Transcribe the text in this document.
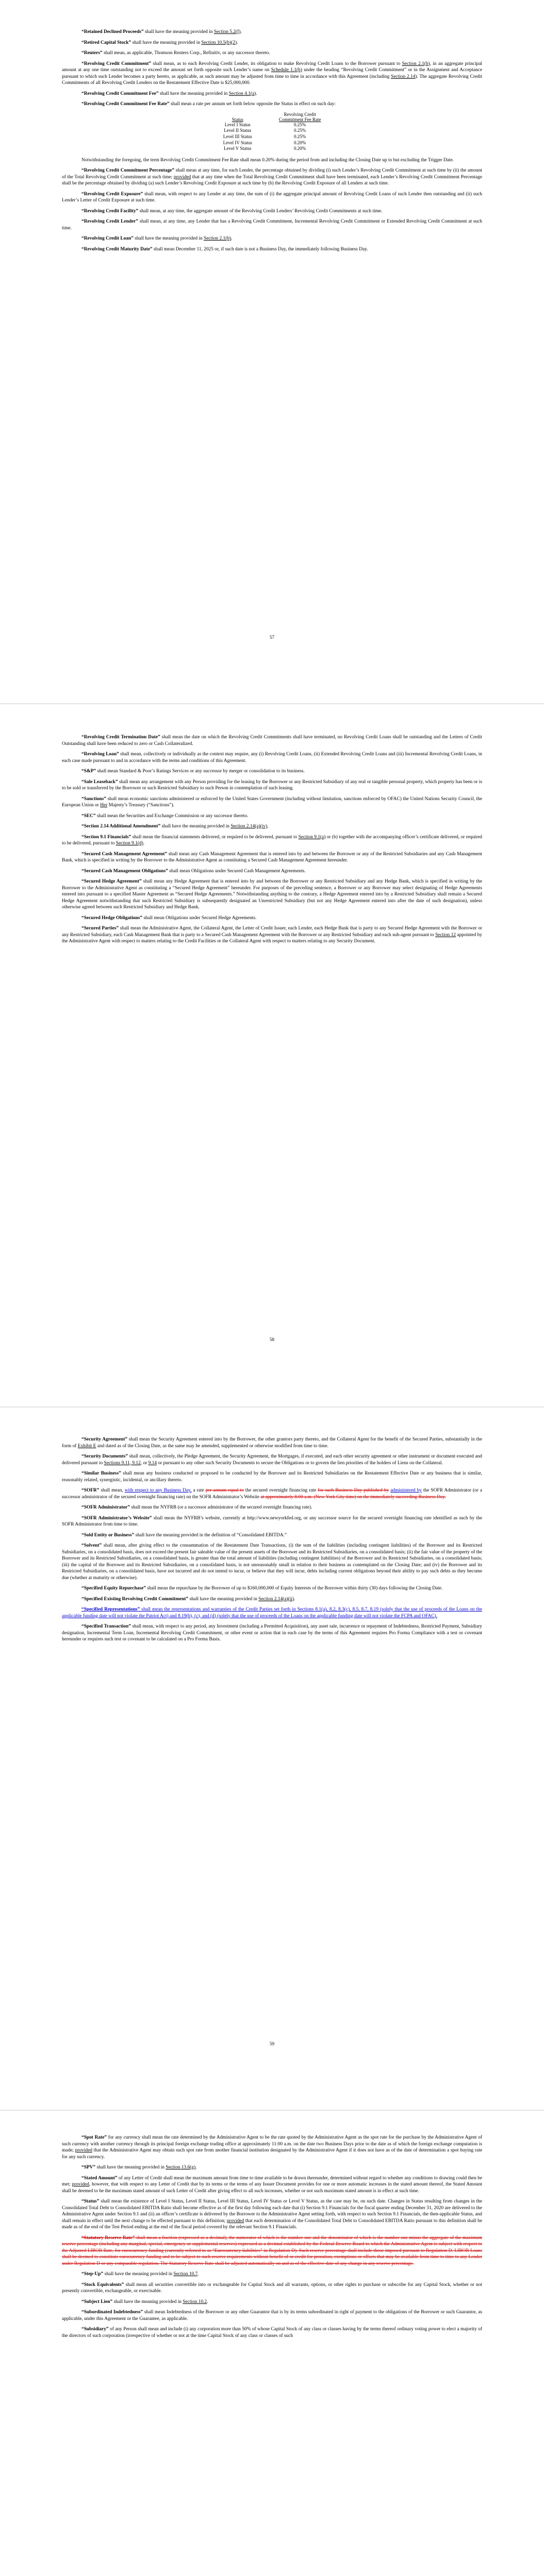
“Retained Declined Proceeds” shall have the meaning provided in Section 5.2(f).

“Retired Capital Stock” shall have the meaning provided in Section 10.5(b)(2).

“Reuters” shall mean, as applicable, Thomson Reuters Corp., Refinitiv, or any successor thereto.

“Revolving Credit Commitment” shall mean, as to each Revolving Credit Lender, its obligation to make Revolving Credit Loans to the Borrower pursuant to Section 2.1(b), in an aggregate principal amount at any one time outstanding not to exceed the amount set forth opposite such Lender’s name on Schedule 1.1(b) under the heading “Revolving Credit Commitment” or in the Assignment and Acceptance pursuant to which such Lender becomes a party hereto, as applicable, as such amount may be adjusted from time to time in accordance with this Agreement (including Section 2.14). The aggregate Revolving Credit Commitments of all Revolving Credit Lenders on the Restatement Effective Date is $25,000,000.

“Revolving Credit Commitment Fee” shall have the meaning provided in Section 4.1(a).

“Revolving Credit Commitment Fee Rate” shall mean a rate per annum set forth below opposite the Status in effect on such day:

	Revolving Credit
Status	Commitment Fee Rate
Level I Status	0.25%
Level II Status	0.25%
Level III Status	0.25%
Level IV Status	0.20%
Level V Status	0.20%

Notwithstanding the foregoing, the term Revolving Credit Commitment Fee Rate shall mean 0.20% during the period from and including the Closing Date up to but excluding the Trigger Date.

“Revolving Credit Commitment Percentage” shall mean at any time, for each Lender, the percentage obtained by dividing (i) such Lender’s Revolving Credit Commitment at such time by (ii) the amount of the Total Revolving Credit Commitment at such time; provided that at any time when the Total Revolving Credit Commitment shall have been terminated, each Lender’s Revolving Credit Commitment Percentage shall be the percentage obtained by dividing (a) such Lender’s Revolving Credit Exposure at such time by (b) the Revolving Credit Exposure of all Lenders at such time.

“Revolving Credit Exposure” shall mean, with respect to any Lender at any time, the sum of (i) the aggregate principal amount of Revolving Credit Loans of such Lender then outstanding and (ii) such Lender’s Letter of Credit Exposure at such time.

“Revolving Credit Facility” shall mean, at any time, the aggregate amount of the Revolving Credit Lenders’ Revolving Credit Commitments at such time.

“Revolving Credit Lender” shall mean, at any time, any Lender that has a Revolving Credit Commitment, Incremental Revolving Credit Commitment or Extended Revolving Credit Commitment at such time.

“Revolving Credit Loan” shall have the meaning provided in Section 2.1(b).

“Revolving Credit Maturity Date” shall mean December 11, 2025 or, if such date is not a Business Day, the immediately following Business Day.

57

“Revolving Credit Termination Date” shall mean the date on which the Revolving Credit Commitments shall have terminated, no Revolving Credit Loans shall be outstanding and the Letters of Credit Outstanding shall have been reduced to zero or Cash Collateralized.

“Revolving Loan” shall mean, collectively or individually as the context may require, any (i) Revolving Credit Loans, (ii) Extended Revolving Credit Loans and (iii) Incremental Revolving Credit Loans, in each case made pursuant to and in accordance with the terms and conditions of this Agreement.

“S&P” shall mean Standard & Poor’s Ratings Services or any successor by merger or consolidation to its business.

“Sale Leaseback” shall mean any arrangement with any Person providing for the leasing by the Borrower or any Restricted Subsidiary of any real or tangible personal property, which property has been or is to be sold or transferred by the Borrower or such Restricted Subsidiary to such Person in contemplation of such leasing.

“Sanctions” shall mean economic sanctions administered or enforced by the United States Government (including without limitation, sanctions enforced by OFAC) the United Nations Security Council, the European Union or Her Majesty’s Treasury (“Sanctions”).

“SEC” shall mean the Securities and Exchange Commission or any successor thereto.

“Section 2.14 Additional Amendment” shall have the meaning provided in Section 2.14(a)(iv).

“Section 9.1 Financials” shall mean the financial statements delivered, or required to be delivered, pursuant to Section 9.1(a) or (b) together with the accompanying officer’s certificate delivered, or required to be delivered, pursuant to Section 9.1(d).

“Secured Cash Management Agreement” shall mean any Cash Management Agreement that is entered into by and between the Borrower or any of the Restricted Subsidiaries and any Cash Management Bank, which is specified in writing by the Borrower to the Administrative Agent as constituting a Secured Cash Management Agreement hereunder.

“Secured Cash Management Obligations” shall mean Obligations under Secured Cash Management Agreements.

“Secured Hedge Agreement” shall mean any Hedge Agreement that is entered into by and between the Borrower or any Restricted Subsidiary and any Hedge Bank, which is specified in writing by the Borrower to the Administrative Agent as constituting a “Secured Hedge Agreement” hereunder. For purposes of the preceding sentence, a Borrower or any Borrower may select designating of Hedge Agreements entered into pursuant to a specified Master Agreement as “Secured Hedge Agreements.” Notwithstanding anything to the contrary, a Hedge Agreement entered into by a Restricted Subsidiary shall remain a Secured Hedge Agreement notwithstanding that such Restricted Subsidiary is subsequently designated an Unrestricted Subsidiary (but not any Hedge Agreement entered into after the date of such designation), unless otherwise agreed between such Restricted Subsidiary and Hedge Bank.

“Secured Hedge Obligations” shall mean Obligations under Secured Hedge Agreements.

“Secured Parties” shall mean the Administrative Agent, the Collateral Agent, the Letter of Credit Issuer, each Lender, each Hedge Bank that is party to any Secured Hedge Agreement with the Borrower or any Restricted Subsidiary, each Cash Management Bank that is party to a Secured Cash Management Agreement with the Borrower or any Restricted Subsidiary and each sub-agent pursuant to Section 12 appointed by the Administrative Agent with respect to matters relating to the Credit Facilities or the Collateral Agent with respect to matters relating to any Security Document.

58

“Security Agreement” shall mean the Security Agreement entered into by the Borrower, the other grantors party thereto, and the Collateral Agent for the benefit of the Secured Parties, substantially in the form of Exhibit E and dated as of the Closing Date, as the same may be amended, supplemented or otherwise modified from time to time.

“Security Documents” shall mean, collectively, the Pledge Agreement, the Security Agreement, the Mortgages, if executed, and each other security agreement or other instrument or document executed and delivered pursuant to Sections 9.11, 9.12, or 9.14 or pursuant to any other such Security Documents to secure the Obligations or to govern the lien priorities of the holders of Liens on the Collateral.

“Similar Business” shall mean any business conducted or proposed to be conducted by the Borrower and its Restricted Subsidiaries on the Restatement Effective Date or any business that is similar, reasonably related, synergistic, incidental, or ancillary thereto.

“SOFR” shall mean, with respect to any Business Day, a rate per annum equal to the secured overnight financing rate for such Business Day published by administered by the SOFR Administrator (or a successor administrator of the secured overnight financing rate) on the SOFR Administrator’s Website at approximately 8:00 a.m. (New York City time) on the immediately succeeding Business Day.

“SOFR Administrator” shall mean the NYFRB (or a successor administrator of the secured overnight financing rate).

“SOFR Administrator’s Website” shall mean the NYFRB’s website, currently at http://www.newyorkfed.org, or any successor source for the secured overnight financing rate identified as such by the SOFR Administrator from time to time.

“Sold Entity or Business” shall have the meaning provided in the definition of “Consolidated EBITDA.”

“Solvent” shall mean, after giving effect to the consummation of the Restatement Date Transactions, (i) the sum of the liabilities (including contingent liabilities) of the Borrower and its Restricted Subsidiaries, on a consolidated basis, does not exceed the present fair saleable value of the present assets of the Borrower and its Restricted Subsidiaries, on a consolidated basis; (ii) the fair value of the property of the Borrower and its Restricted Subsidiaries, on a consolidated basis, is greater than the total amount of liabilities (including contingent liabilities) of the Borrower and its Restricted Subsidiaries, on a consolidated basis; (iii) the capital of the Borrower and its Restricted Subsidiaries, on a consolidated basis, is not unreasonably small in relation to their business as contemplated on the Closing Date; and (iv) the Borrower and its Restricted Subsidiaries, on a consolidated basis, have not incurred and do not intend to incur, or believe that they will incur, debts including current obligations beyond their ability to pay such debts as they become due (whether at maturity or otherwise).

“Specified Equity Repurchase” shall mean the repurchase by the Borrower of up to $160,000,000 of Equity Interests of the Borrower within thirty (30) days following the Closing Date.

“Specified Existing Revolving Credit Commitment” shall have the meaning provided in Section 2.14(a)(ii).

“Specified Representations” shall mean the representations and warranties of the Credit Parties set forth in Sections 8.1(a), 8.2, 8.3(c), 8.5, 8.7, 8.19 (solely that the use of proceeds of the Loans on the applicable funding date will not violate the Patriot Act) and 8.19(b), (c), and (d) (solely that the use of proceeds of the Loans on the applicable funding date will not violate the FCPA and OFAC).

“Specified Transaction” shall mean, with respect to any period, any Investment (including a Permitted Acquisition), any asset sale, incurrence or repayment of Indebtedness, Restricted Payment, Subsidiary designation, Incremental Term Loan, Incremental Revolving Credit Commitment, or other event or action that in each case by the terms of this Agreement requires Pro Forma Compliance with a test or covenant hereunder or requires such test or covenant to be calculated on a Pro Forma Basis.

59

“Spot Rate” for any currency shall mean the rate determined by the Administrative Agent to be the rate quoted by the Administrative Agent as the spot rate for the purchase by the Administrative Agent of such currency with another currency through its principal foreign exchange trading office at approximately 11:00 a.m. on the date two Business Days prior to the date as of which the foreign exchange computation is made; provided that the Administrative Agent may obtain such spot rate from another financial institution designated by the Administrative Agent if it does not have as of the date of determination a spot buying rate for any such currency.

“SPV” shall have the meaning provided in Section 13.6(g).

“Stated Amount” of any Letter of Credit shall mean the maximum amount from time to time available to be drawn thereunder, determined without regard to whether any conditions to drawing could then be met; provided, however, that with respect to any Letter of Credit that by its terms or the terms of any Issuer Document provides for one or more automatic increases in the stated amount thereof, the Stated Amount shall be deemed to be the maximum stated amount of such Letter of Credit after giving effect to all such increases, whether or not such maximum stated amount is in effect at such time.

“Status” shall mean the existence of Level I Status, Level II Status, Level III Status, Level IV Status or Level V Status, as the case may be, on such date. Changes in Status resulting from changes in the Consolidated Total Debt to Consolidated EBITDA Ratio shall become effective as of the first day following each date that (i) Section 9.1 Financials for the fiscal quarter ending December 31, 2020 are delivered to the Administrative Agent under Section 9.1 and (ii) an officer’s certificate is delivered by the Borrower to the Administrative Agent setting forth, with respect to such Section 9.1 Financials, the then-applicable Status, and shall remain in effect until the next change to be effected pursuant to this definition; provided that each determination of the Consolidated Total Debt to Consolidated EBITDA Ratio pursuant to this definition shall be made as of the end of the Test Period ending at the end of the fiscal period covered by the relevant Section 9.1 Financials.

“Statutory Reserve Rate” shall mean a fraction (expressed as a decimal), the numerator of which is the number one and the denominator of which is the number one minus the aggregate of the maximum reserve percentage (including any marginal, special, emergency or supplemental reserves) expressed as a decimal established by the Federal Reserve Board to which the Administrative Agent is subject with respect to the Adjusted LIBOR Rate, for eurocurrency funding (currently referred to as “Eurocurrency liabilities” in Regulation D). Such reserve percentage shall include those imposed pursuant to Regulation D. LIBOR Loans shall be deemed to constitute eurocurrency funding and to be subject to such reserve requirements without benefit of or credit for proration, exemptions or offsets that may be available from time to time to any Lender under Regulation D or any comparable regulation. The Statutory Reserve Rate shall be adjusted automatically on and as of the effective date of any change in any reserve percentage.

“Step-Up” shall have the meaning provided in Section 10.7.

“Stock Equivalents” shall mean all securities convertible into or exchangeable for Capital Stock and all warrants, options, or other rights to purchase or subscribe for any Capital Stock, whether or not presently convertible, exchangeable, or exercisable.

“Subject Lien” shall have the meaning provided in Section 10.2.

“Subordinated Indebtedness” shall mean Indebtedness of the Borrower or any other Guarantor that is by its terms subordinated in right of payment to the obligations of the Borrower or such Guarantor, as applicable, under this Agreement or the Guarantee, as applicable.

“Subsidiary” of any Person shall mean and include (i) any corporation more than 50% of whose Capital Stock of any class or classes having by the terms thereof ordinary voting power to elect a majority of the directors of such corporation (irrespective of whether or not at the time Capital Stock of any class or classes of such
